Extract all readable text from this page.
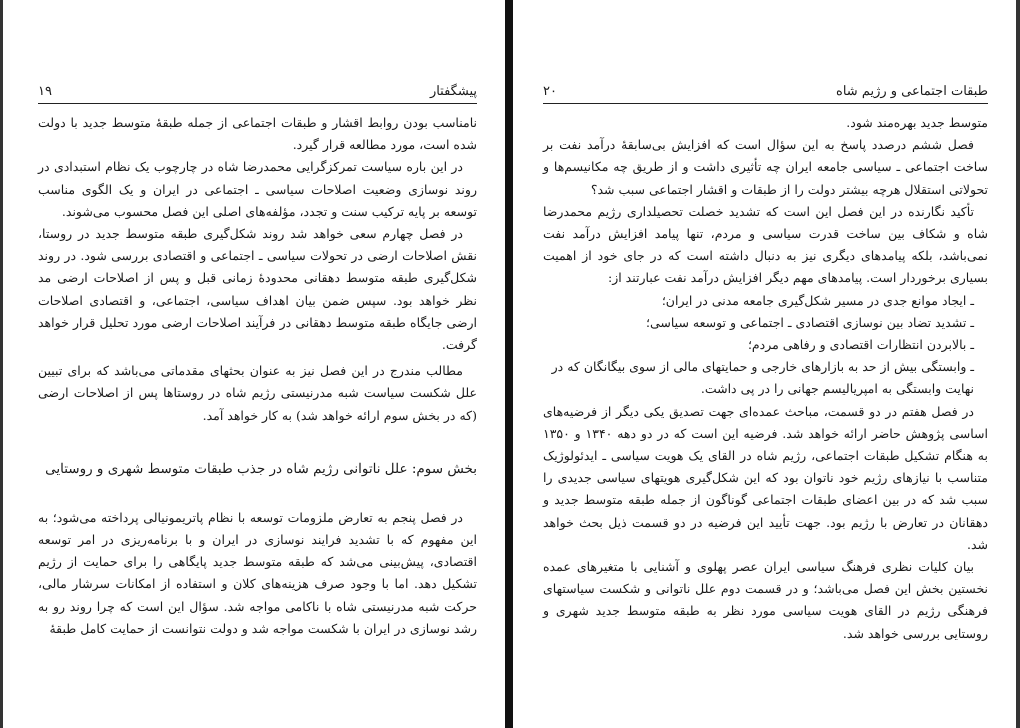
پیشگفتار
۱۹

نامناسب بودن روابط اقشار و طبقات اجتماعی از جمله طبقهٔ متوسط جدید با دولت شده است، مورد مطالعه قرار گیرد.

در این باره سیاست تمرکزگرایی محمدرضا شاه در چارچوب یک نظام استبدادی در روند نوسازی وضعیت اصلاحات سیاسی ـ اجتماعی در ایران و یک الگوی مناسب توسعه بر پایه ترکیب سنت و تجدد، مؤلفه‌های اصلی این فصل محسوب می‌شوند.

در فصل چهارم سعی خواهد شد روند شکل‌گیری طبقه متوسط جدید در روستا، نقش اصلاحات ارضی در تحولات سیاسی ـ اجتماعی و اقتصادی بررسی شود. در روند شکل‌گیری طبقه متوسط دهقانی محدودهٔ زمانی قبل و پس از اصلاحات ارضی مد نظر خواهد بود. سپس ضمن بیان اهداف سیاسی، اجتماعی، و اقتصادی اصلاحات ارضی جایگاه طبقه متوسط دهقانی در فرآیند اصلاحات ارضی مورد تحلیل قرار خواهد گرفت.

مطالب مندرج در این فصل نیز به عنوان بحثهای مقدماتی می‌باشد که برای تبیین علل شکست سیاست شبه مدرنیستی رژیم شاه در روستاها پس از اصلاحات ارضی (که در بخش سوم ارائه خواهد شد) به کار خواهد آمد.

بخش سوم: علل ناتوانی رژیم شاه در جذب طبقات متوسط شهری و روستایی

در فصل پنجم به تعارض ملزومات توسعه با نظام پاتریمونیالی پرداخته می‌شود؛ به این مفهوم که با تشدید فرایند نوسازی در ایران و با برنامه‌ریزی در امر توسعه اقتصادی، پیش‌بینی می‌شد که طبقه متوسط جدید پایگاهی را برای حمایت از رژیم تشکیل دهد. اما با وجود صرف هزینه‌های کلان و استفاده از امکانات سرشار مالی، حرکت شبه مدرنیستی شاه با ناکامی مواجه شد. سؤال این است که چرا روند رو به رشد نوسازی در ایران با شکست مواجه شد و دولت نتوانست از حمایت کامل طبقهٔ

طبقات اجتماعی و رژیم شاه
۲۰

متوسط جدید بهره‌مند شود.

فصل ششم درصدد پاسخ به این سؤال است که افزایش بی‌سابقهٔ درآمد نفت بر ساخت اجتماعی ـ سیاسی جامعه ایران چه تأثیری داشت و از طریق چه مکانیسم‌ها و تحولاتی استقلال هرچه بیشتر دولت را از طبقات و اقشار اجتماعی سبب شد؟

تأکید نگارنده در این فصل این است که تشدید خصلت تحصیلداری رژیم محمدرضا شاه و شکاف بین ساخت قدرت سیاسی و مردم، تنها پیامد افزایش درآمد نفت نمی‌باشد، بلکه پیامدهای دیگری نیز به دنبال داشته است که در جای خود از اهمیت بسیاری برخوردار است. پیامدهای مهم دیگر افزایش درآمد نفت عبارتند از:

ـ ایجاد موانع جدی در مسیر شکل‌گیری جامعه مدنی در ایران؛

ـ تشدید تضاد بین نوسازی اقتصادی ـ اجتماعی و توسعه سیاسی؛

ـ بالابردن انتظارات اقتصادی و رفاهی مردم؛

ـ وابستگی بیش از حد به بازارهای خارجی و حمایتهای مالی از سوی بیگانگان که در نهایت وابستگی به امپریالیسم جهانی را در پی داشت.

در فصل هفتم در دو قسمت، مباحث عمده‌ای جهت تصدیق یکی دیگر از فرضیه‌های اساسی پژوهش حاضر ارائه خواهد شد. فرضیه این است که در دو دهه ۱۳۴۰ و ۱۳۵۰ به هنگام تشکیل طبقات اجتماعی، رژیم شاه در القای یک هویت سیاسی ـ ایدئولوژیک متناسب با نیازهای رژیم خود ناتوان بود که این شکل‌گیری هویتهای سیاسی جدیدی را سبب شد که در بین اعضای طبقات اجتماعی گوناگون از جمله طبقه متوسط جدید و دهقانان در تعارض با رژیم بود. جهت تأیید این فرضیه در دو قسمت ذیل بحث خواهد شد.

بیان کلیات نظری فرهنگ سیاسی ایران عصر پهلوی و آشنایی با متغیرهای عمده نخستین بخش این فصل می‌باشد؛ و در قسمت دوم علل ناتوانی و شکست سیاستهای فرهنگی رژیم در القای هویت سیاسی مورد نظر به طبقه متوسط جدید شهری و روستایی بررسی خواهد شد.
